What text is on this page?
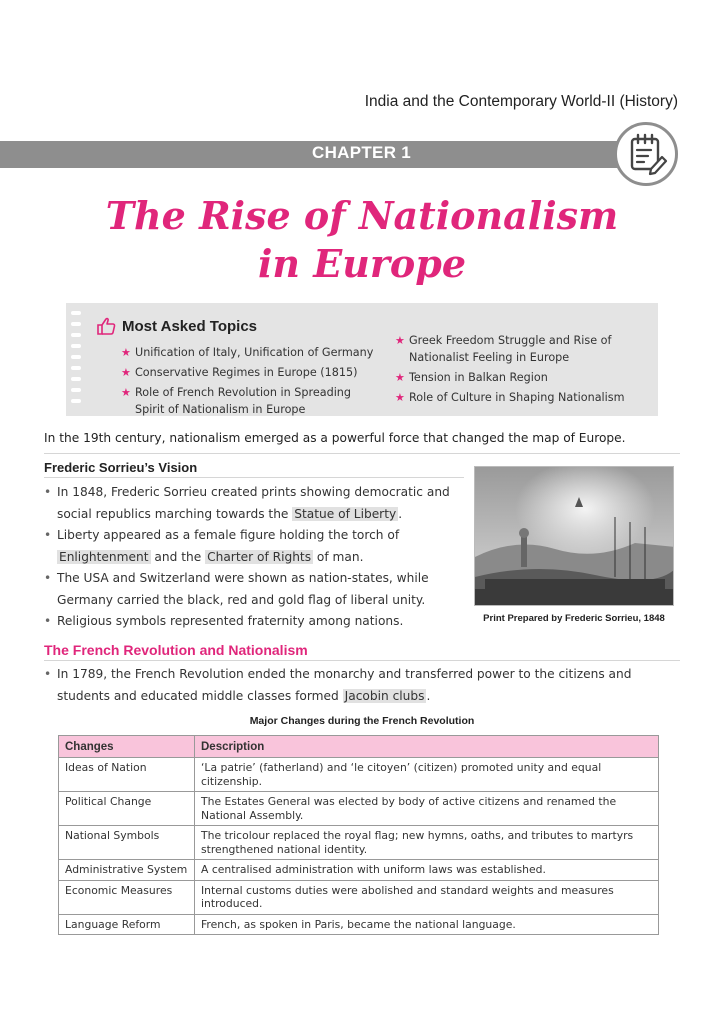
India and the Contemporary World-II (History)
CHAPTER 1
The Rise of Nationalism
in Europe
Most Asked Topics
★ Unification of Italy, Unification of Germany
★ Conservative Regimes in Europe (1815)
★ Role of French Revolution in Spreading Spirit of Nationalism in Europe
★ Greek Freedom Struggle and Rise of Nationalist Feeling in Europe
★ Tension in Balkan Region
★ Role of Culture in Shaping Nationalism
In the 19th century, nationalism emerged as a powerful force that changed the map of Europe.
Frederic Sorrieu’s Vision
• In 1848, Frederic Sorrieu created prints showing democratic and social republics marching towards the Statue of Liberty .
• Liberty appeared as a female figure holding the torch of Enlightenment and the Charter of Rights of man.
• The USA and Switzerland were shown as nation-states, while Germany carried the black, red and gold flag of liberal unity.
• Religious symbols represented fraternity among nations.	Print Prepared by Frederic Sorrieu, 1848
The French Revolution and Nationalism
• In 1789, the French Revolution ended the monarchy and transferred power to the citizens and students and educated middle classes formed Jacobin clubs .
Major Changes during the French Revolution
Changes	Description
Ideas of Nation	‘La patrie’ (fatherland) and ‘le citoyen’ (citizen) promoted unity and equal citizenship.
Political Change	The Estates General was elected by body of active citizens and renamed the National Assembly.
National Symbols	The tricolour replaced the royal flag; new hymns, oaths, and tributes to martyrs strengthened national identity.
Administrative System	A centralised administration with uniform laws was established.
Economic Measures	Internal customs duties were abolished and standard weights and measures introduced.
Language Reform	French, as spoken in Paris, became the national language.
